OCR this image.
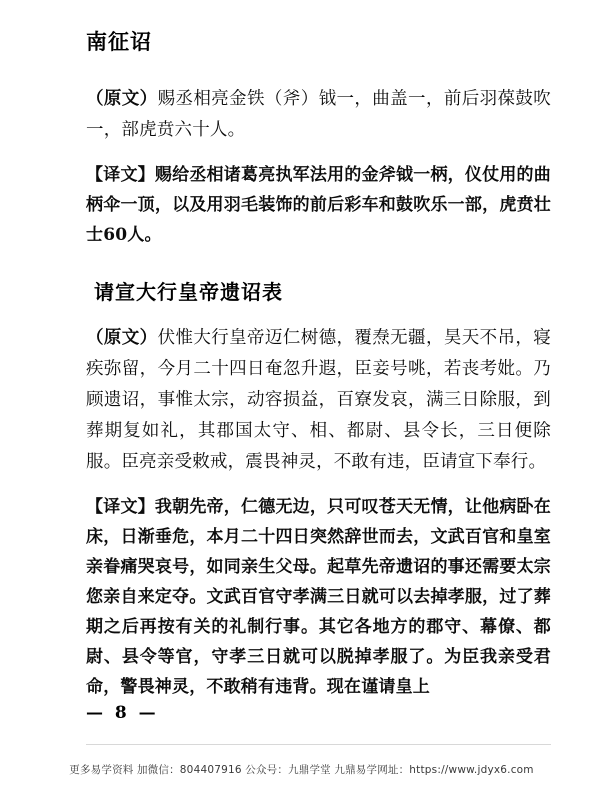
南征诏

（原文）赐丞相亮金铁（斧）钺一，曲盖一，前后羽葆鼓吹一，部虎贲六十人。

【译文】赐给丞相诸葛亮执军法用的金斧钺一柄，仪仗用的曲柄伞一顶，以及用羽毛装饰的前后彩车和鼓吹乐一部，虎贲壮士60人。

请宣大行皇帝遗诏表

（原文）伏惟大行皇帝迈仁树德，覆焘无疆，昊天不吊，寝疾弥留，今月二十四日奄忽升遐，臣妾号咷，若丧考妣。乃顾遗诏，事惟太宗，动容损益，百寮发哀，满三日除服，到葬期复如礼，其郡国太守、相、都尉、县令长，三日便除服。臣亮亲受敕戒，震畏神灵，不敢有违，臣请宣下奉行。

【译文】我朝先帝，仁德无边，只可叹苍天无情，让他病卧在床，日渐垂危，本月二十四日突然辞世而去，文武百官和皇室亲眷痛哭哀号，如同亲生父母。起草先帝遗诏的事还需要太宗您亲自来定夺。文武百官守孝满三日就可以去掉孝服，过了葬期之后再按有关的礼制行事。其它各地方的郡守、幕僚、都尉、县令等官，守孝三日就可以脱掉孝服了。为臣我亲受君命，警畏神灵，不敢稍有违背。现在谨请皇上

— 8 —
更多易学资料 加微信：804407916 公众号：九鼎学堂 九鼎易学网址：https://www.jdyx6.com
